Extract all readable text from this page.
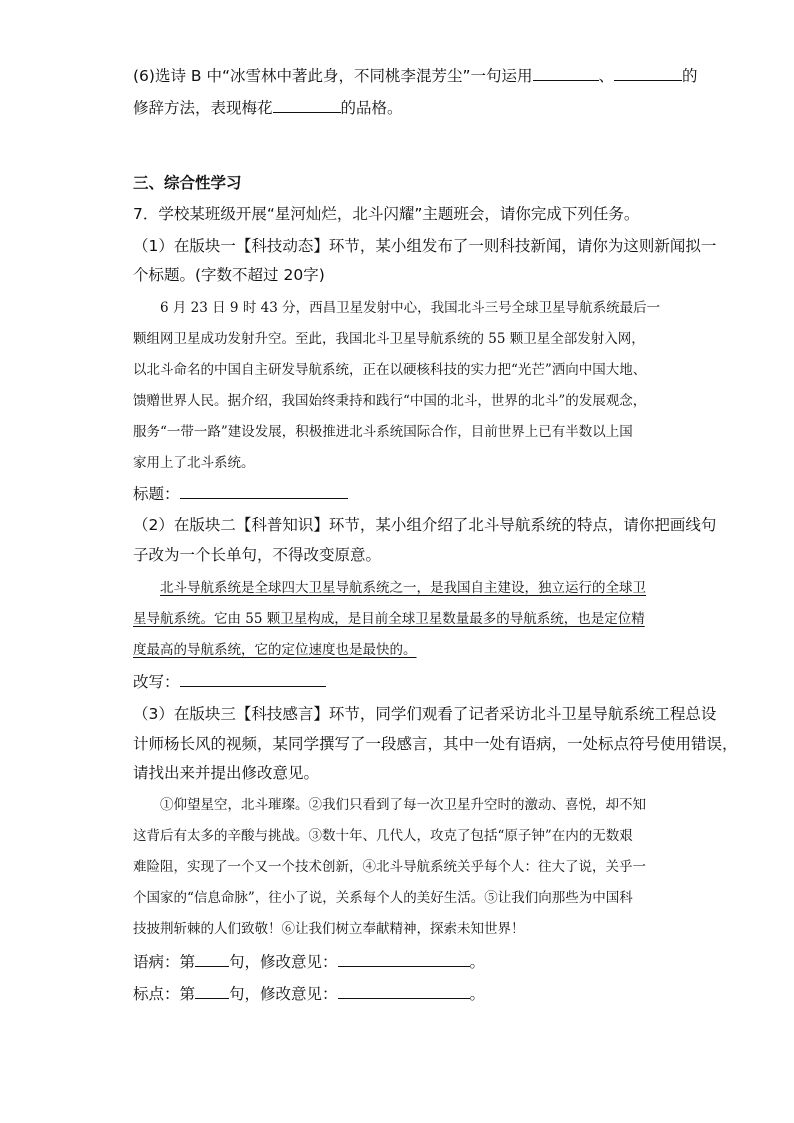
(6)选诗 B 中“冰雪林中著此身，不同桃李混芳尘”一句运用	、	的
修辞方法，表现梅花	的品格。
三、综合性学习
7．学校某班级开展“星河灿烂，北斗闪耀”主题班会，请你完成下列任务。
（1）在版块一【科技动态】环节，某小组发布了一则科技新闻，请你为这则新闻拟一
个标题。(字数不超过 20字)
6 月 23 日 9 时 43 分，西昌卫星发射中心，我国北斗三号全球卫星导航系统最后一
颗组网卫星成功发射升空。至此，我国北斗卫星导航系统的 55 颗卫星全部发射入网，
以北斗命名的中国自主研发导航系统，正在以硬核科技的实力把“光芒”洒向中国大地、
馈赠世界人民。据介绍，我国始终秉持和践行“中国的北斗，世界的北斗”的发展观念，
服务“一带一路”建设发展，积极推进北斗系统国际合作，目前世界上已有半数以上国
家用上了北斗系统。
标题：
（2）在版块二【科普知识】环节，某小组介绍了北斗导航系统的特点，请你把画线句
子改为一个长单句，不得改变原意。
北斗导航系统是全球四大卫星导航系统之一，是我国自主建设，独立运行的全球卫
星导航系统。它由 55 颗卫星构成，是目前全球卫星数量最多的导航系统，也是定位精
度最高的导航系统，它的定位速度也是最快的。
改写：
（3）在版块三【科技感言】环节，同学们观看了记者采访北斗卫星导航系统工程总设
计师杨长风的视频，某同学撰写了一段感言，其中一处有语病，一处标点符号使用错误，
请找出来并提出修改意见。
①仰望星空，北斗璀璨。②我们只看到了每一次卫星升空时的激动、喜悦，却不知
这背后有太多的辛酸与挑战。③数十年、几代人，攻克了包括“原子钟”在内的无数艰
难险阻，实现了一个又一个技术创新，④北斗导航系统关乎每个人：往大了说，关乎一
个国家的“信息命脉”，往小了说，关系每个人的美好生活。⑤让我们向那些为中国科
技披荆斩棘的人们致敬！⑥让我们树立奉献精神，探索未知世界！
语病：第 句，修改意见：	。
标点：第 句，修改意见：	。
